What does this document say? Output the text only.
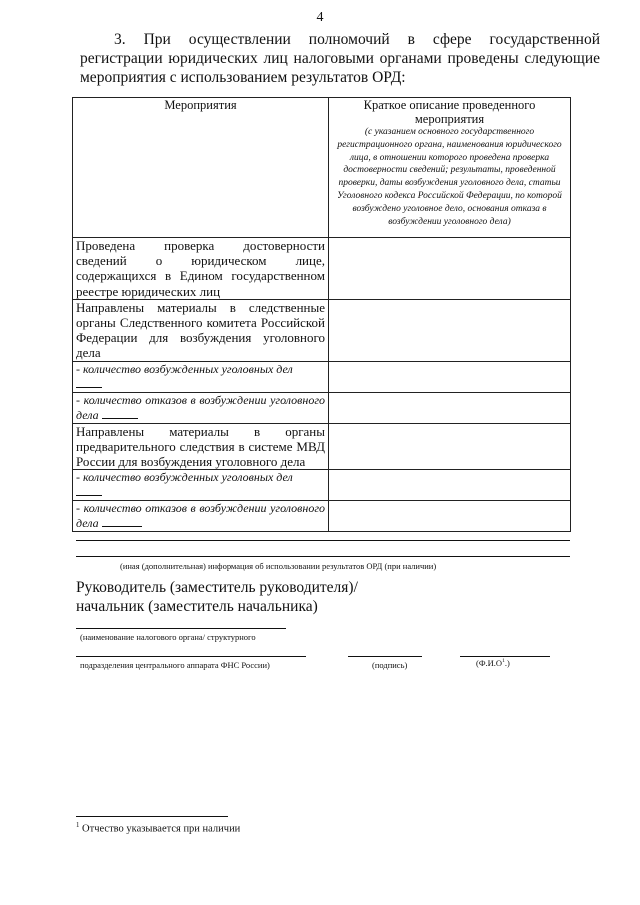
4
3. При осуществлении полномочий в сфере государственной регистрации юридических лиц налоговыми органами проведены следующие мероприятия с использованием результатов ОРД:
Мероприятия	Краткое описание проведенного мероприятия
(с указанием основного государственного регистрационного органа, наименования юридического лица, в отношении которого проведена проверка достоверности сведений; результаты, проведенной проверки, даты возбуждения уголовного дела, статьи Уголовного кодекса Российской Федерации, по которой возбуждено уголовное дело, основания отказа в возбуждении уголовного дела)

Проведена проверка достоверности сведений о юридическом лице, содержащихся в Едином государственном реестре юридических лиц	
Направлены материалы в следственные органы Следственного комитета Российской Федерации для возбуждения уголовного дела	
- количество возбужденных уголовных дел

- количество отказов в возбуждении уголовного дела	
Направлены материалы в органы предварительного следствия в системе МВД России для возбуждения уголовного дела	
- количество возбужденных уголовных дел

- количество отказов в возбуждении уголовного дела	
(иная (дополнительная) информация об использовании результатов ОРД (при наличии)
Руководитель (заместитель руководителя)/
начальник (заместитель начальника)
(наименование налогового органа/ структурного
подразделения центрального аппарата ФНС России)	(подпись)	$(Ф.И.О^1.)$
$^1$ Отчество указывается при наличии
